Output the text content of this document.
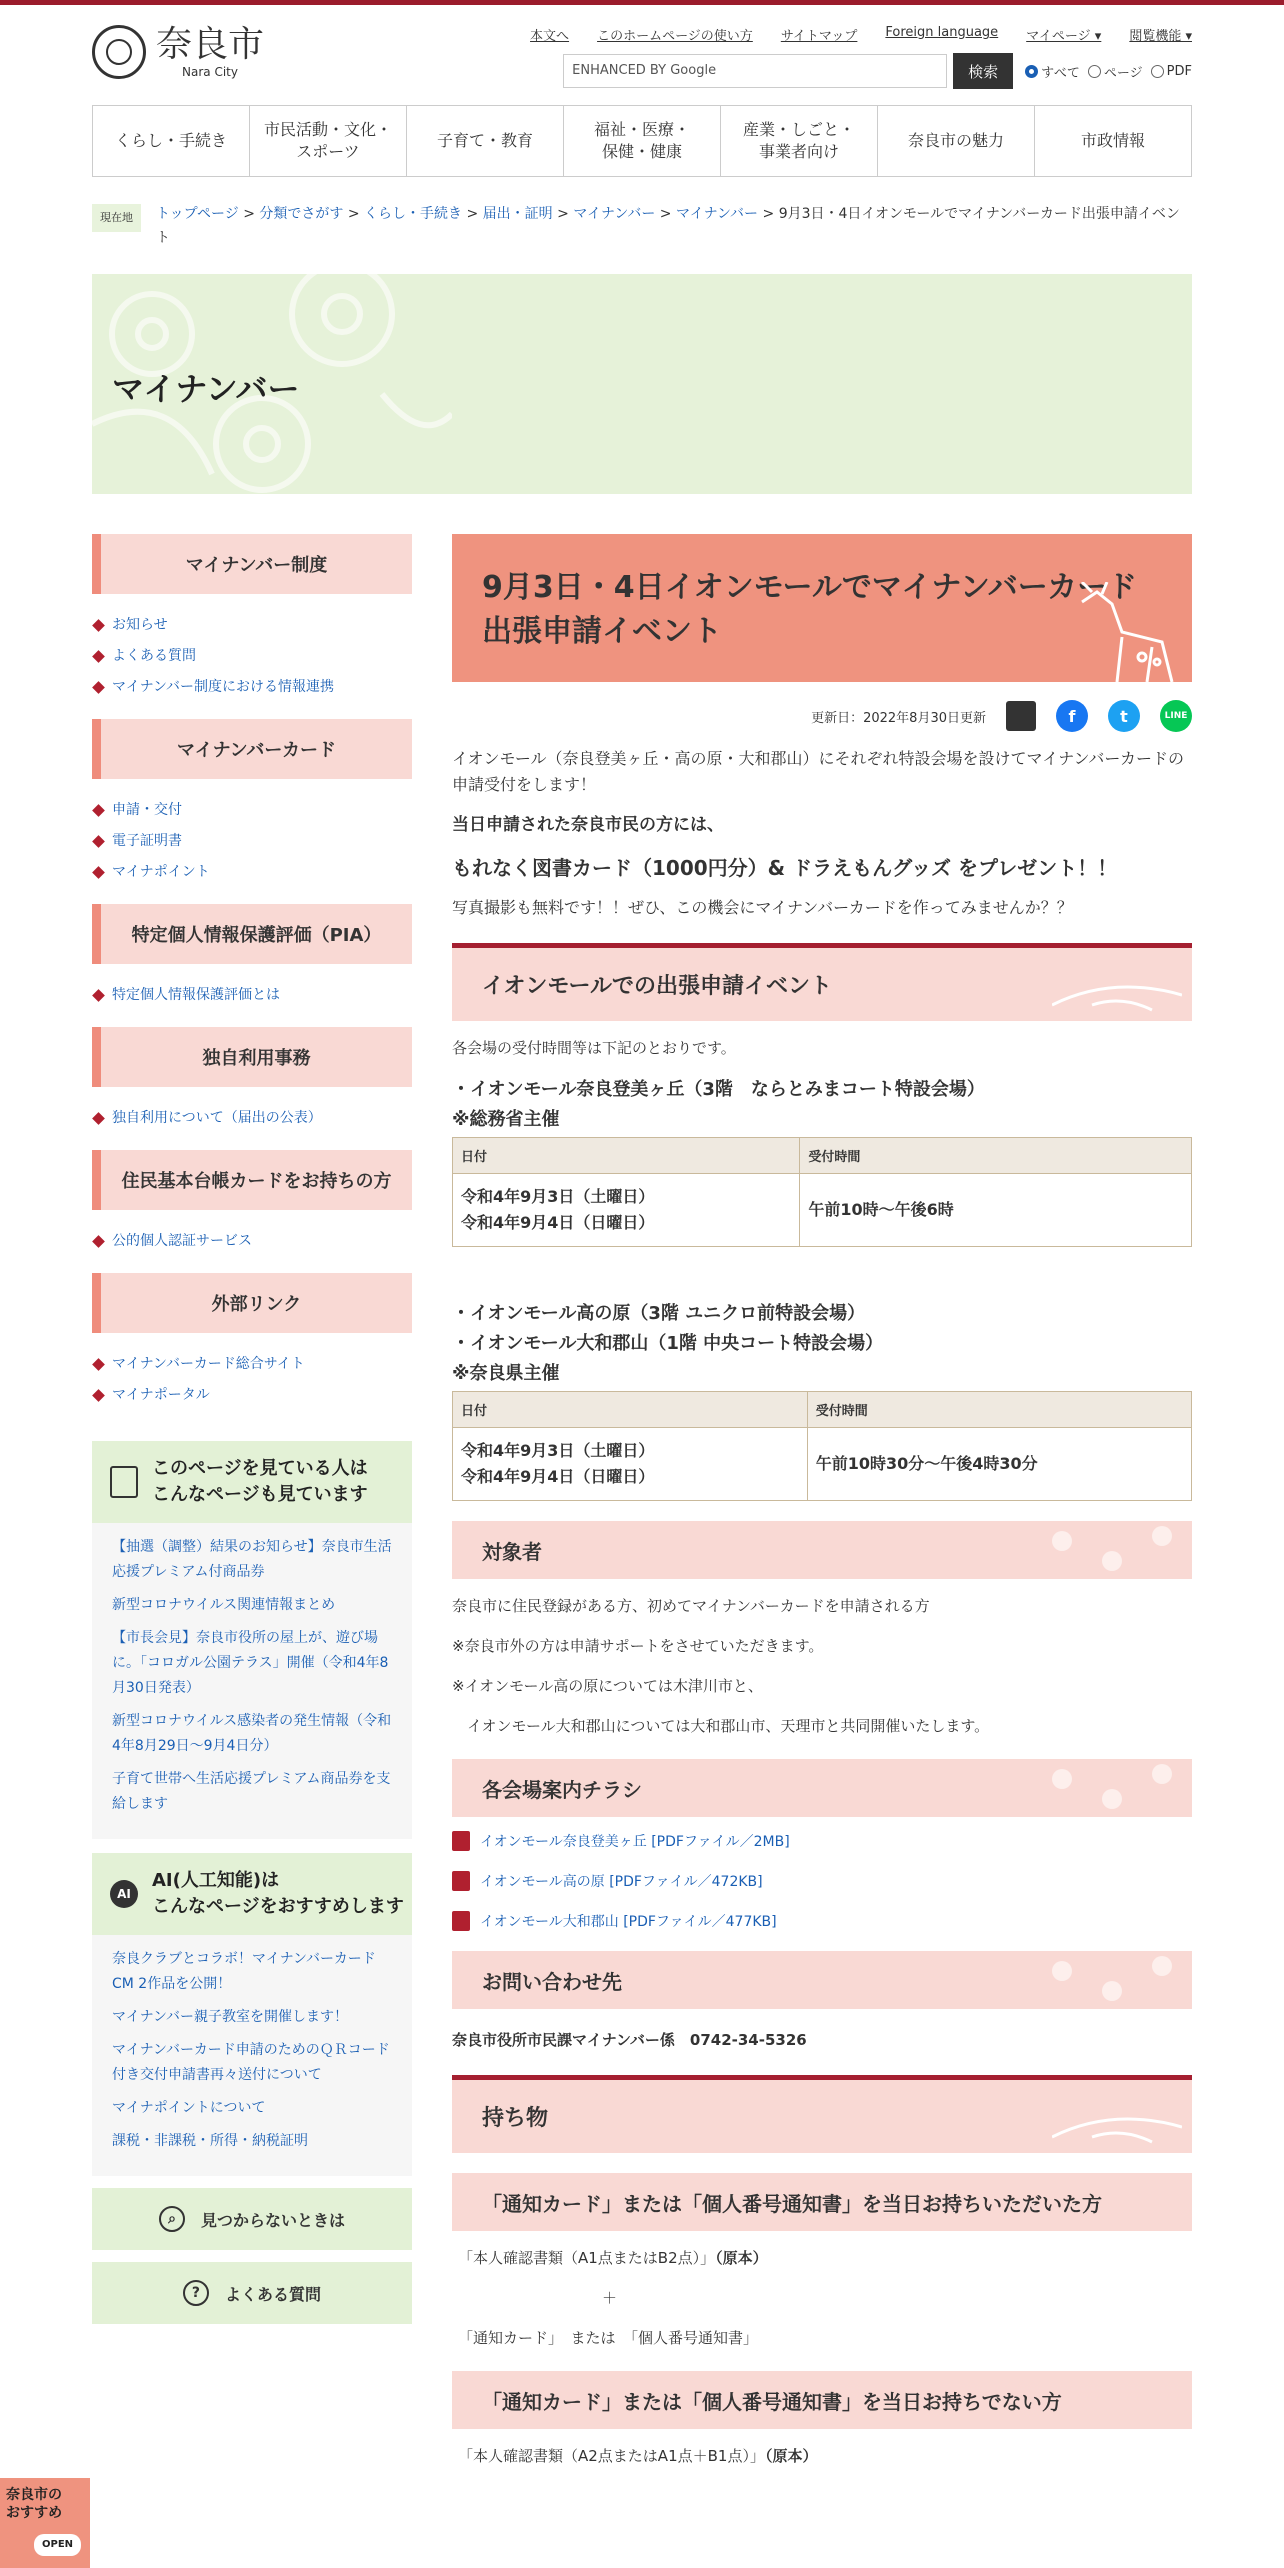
奈良市
Nara City
本文へ このホームページの使い方 サイトマップ Foreign language マイページ ▾ 閲覧機能 ▾
ENHANCED BY Google	検索	すべて ページ PDF
くらし・手続き
市民活動・文化・
スポーツ
子育て・教育
福祉・医療・
保健・健康
産業・しごと・
事業者向け
奈良市の魅力	市政情報
現在地	トップページ > 分類でさがす > くらし・手続き > 届出・証明 > マイナンバー > マイナンバー > 9月3日・4日イオンモールでマイナンバーカード出張申請イベント
マイナンバー
マイナンバー制度
お知らせ
よくある質問
マイナンバー制度における情報連携
マイナンバーカード
申請・交付
電子証明書
マイナポイント
特定個人情報保護評価（PIA）
特定個人情報保護評価とは
独自利用事務
独自利用について（届出の公表）
住民基本台帳カードをお持ちの方
公的個人認証サービス
外部リンク
マイナンバーカード総合サイト
マイナポータル
このページを見ている人は
こんなページも見ています
【抽選（調整）結果のお知らせ】奈良市生活応援プレミアム付商品券
新型コロナウイルス関連情報まとめ
【市長会見】奈良市役所の屋上が、遊び場に。「コロガル公園テラス」開催（令和4年8月30日発表）
新型コロナウイルス感染者の発生情報（令和4年8月29日～9月4日分）
子育て世帯へ生活応援プレミアム商品券を支給します
AI
AI(人工知能)は
こんなページをおすすめします
奈良クラブとコラボ！マイナンバーカードCM 2作品を公開！
マイナンバー親子教室を開催します！
マイナンバーカード申請のためのＱＲコード付き交付申請書再々送付について
マイナポイントについて
課税・非課税・所得・納税証明
⌕	見つからないときは
?	よくある質問
9月3日・4日イオンモールでマイナンバーカード出張申請イベント
更新日：2022年8月30日更新	f	t	LINE

イオンモール（奈良登美ヶ丘・高の原・大和郡山）にそれぞれ特設会場を設けてマイナンバーカードの申請受付をします！

当日申請された奈良市民の方には、

もれなく図書カード（1000円分）& ドラえもんグッズ をプレゼント！！

写真撮影も無料です！！ぜひ、この機会にマイナンバーカードを作ってみませんか？？

イオンモールでの出張申請イベント

各会場の受付時間等は下記のとおりです。

・イオンモール奈良登美ヶ丘（3階　ならとみまコート特設会場）
※総務省主催
日付	受付時間
令和4年9月3日（土曜日）
令和4年9月4日（日曜日）	午前10時～午後6時
・イオンモール高の原（3階 ユニクロ前特設会場）
・イオンモール大和郡山（1階 中央コート特設会場）
※奈良県主催
日付	受付時間
令和4年9月3日（土曜日）
令和4年9月4日（日曜日）	午前10時30分～午後4時30分
対象者

奈良市に住民登録がある方、初めてマイナンバーカードを申請される方

※奈良市外の方は申請サポートをさせていただきます。

※イオンモール高の原については木津川市と、

　イオンモール大和郡山については大和郡山市、天理市と共同開催いたします。

各会場案内チラシ
イオンモール奈良登美ヶ丘 [PDFファイル／2MB]
イオンモール高の原 [PDFファイル／472KB]
イオンモール大和郡山 [PDFファイル／477KB]
お問い合わせ先

奈良市役所市民課マイナンバー係　0742-34-5326

持ち物
「通知カード」または「個人番号通知書」を当日お持ちいただいた方

「本人確認書類（A1点またはB2点）」（原本）

＋

「通知カード」　または　「個人番号通知書」

「通知カード」または「個人番号通知書」を当日お持ちでない方

「本人確認書類（A2点またはA1点＋B1点）」（原本）

奈良市の
おすすめ
OPEN
